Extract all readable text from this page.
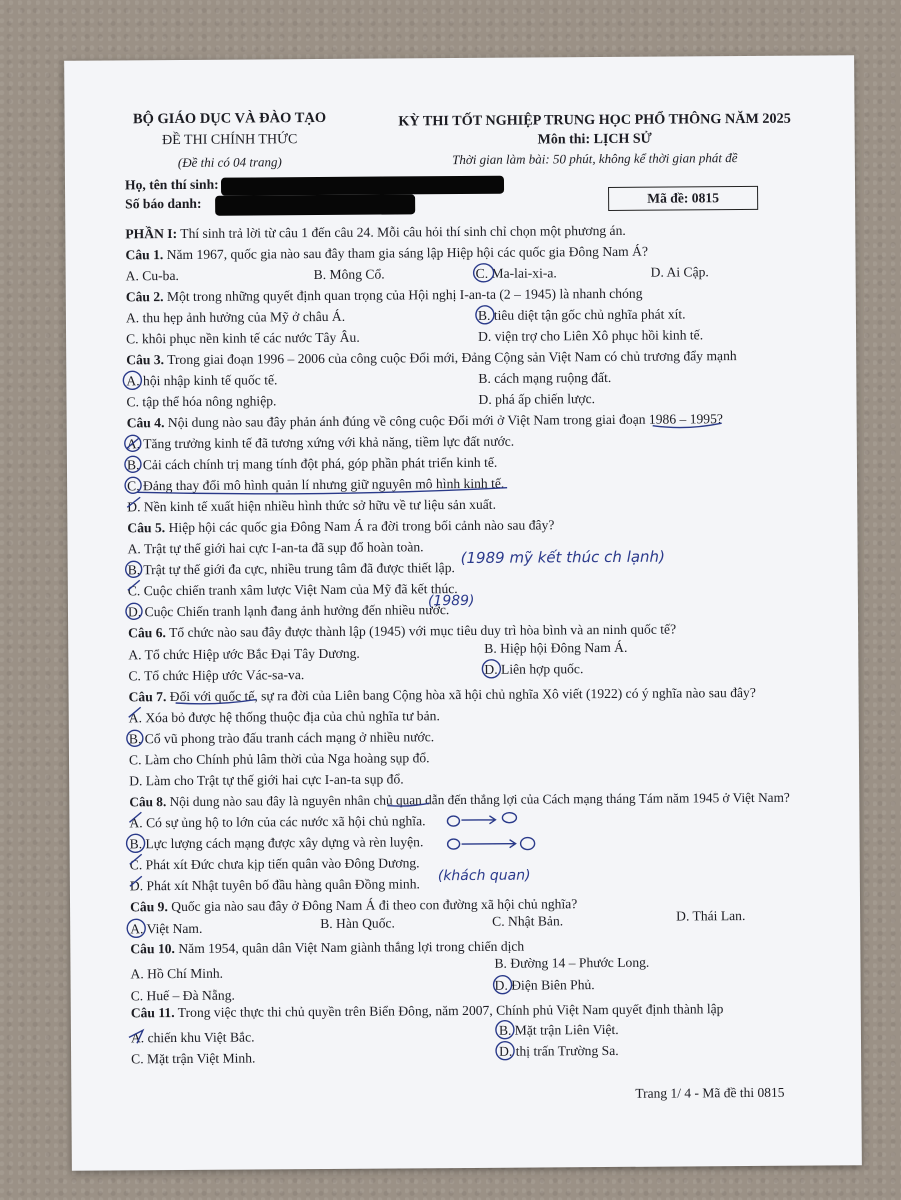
BỘ GIÁO DỤC VÀ ĐÀO TẠO
ĐỀ THI CHÍNH THỨC
(Đề thi có 04 trang)
KỲ THI TỐT NGHIỆP TRUNG HỌC PHỔ THÔNG NĂM 2025
Môn thi: LỊCH SỬ
Thời gian làm bài: 50 phút, không kể thời gian phát đề
Họ, tên thí sinh:
Số báo danh:	Mã đề: 0815
PHẦN I: Thí sinh trả lời từ câu 1 đến câu 24. Mỗi câu hỏi thí sinh chỉ chọn một phương án.
Câu 1. Năm 1967, quốc gia nào sau đây tham gia sáng lập Hiệp hội các quốc gia Đông Nam Á?
A. Cu-ba.	B. Mông Cổ.	C. Ma-lai-xi-a.	D. Ai Cập.
Câu 2. Một trong những quyết định quan trọng của Hội nghị I-an-ta (2 – 1945) là nhanh chóng
A. thu hẹp ảnh hưởng của Mỹ ở châu Á.	B. tiêu diệt tận gốc chủ nghĩa phát xít.
C. khôi phục nền kinh tế các nước Tây Âu.	D. viện trợ cho Liên Xô phục hồi kinh tế.
Câu 3. Trong giai đoạn 1996 – 2006 của công cuộc Đổi mới, Đảng Cộng sản Việt Nam có chủ trương đẩy mạnh
A. hội nhập kinh tế quốc tế.	B. cách mạng ruộng đất.
C. tập thể hóa nông nghiệp.	D. phá ấp chiến lược.
Câu 4. Nội dung nào sau đây phản ánh đúng về công cuộc Đổi mới ở Việt Nam trong giai đoạn 1986 – 1995?
A. Tăng trưởng kinh tế đã tương xứng với khả năng, tiềm lực đất nước.
B. Cải cách chính trị mang tính đột phá, góp phần phát triển kinh tế.
C. Đảng thay đổi mô hình quản lí nhưng giữ nguyên mô hình kinh tế.
D. Nền kinh tế xuất hiện nhiều hình thức sở hữu về tư liệu sản xuất.
Câu 5. Hiệp hội các quốc gia Đông Nam Á ra đời trong bối cảnh nào sau đây?
A. Trật tự thế giới hai cực I-an-ta đã sụp đổ hoàn toàn.
B. Trật tự thế giới đa cực, nhiều trung tâm đã được thiết lập.
C. Cuộc chiến tranh xâm lược Việt Nam của Mỹ đã kết thúc.
D. Cuộc Chiến tranh lạnh đang ảnh hưởng đến nhiều nước.
Câu 6. Tổ chức nào sau đây được thành lập (1945) với mục tiêu duy trì hòa bình và an ninh quốc tế?
A. Tổ chức Hiệp ước Bắc Đại Tây Dương.	B. Hiệp hội Đông Nam Á.
C. Tổ chức Hiệp ước Vác-sa-va.	D. Liên hợp quốc.
Câu 7. Đối với quốc tế, sự ra đời của Liên bang Cộng hòa xã hội chủ nghĩa Xô viết (1922) có ý nghĩa nào sau đây?
A. Xóa bỏ được hệ thống thuộc địa của chủ nghĩa tư bản.
B. Cổ vũ phong trào đấu tranh cách mạng ở nhiều nước.
C. Làm cho Chính phủ lâm thời của Nga hoàng sụp đổ.
D. Làm cho Trật tự thế giới hai cực I-an-ta sụp đổ.
Câu 8. Nội dung nào sau đây là nguyên nhân chủ quan dẫn đến thắng lợi của Cách mạng tháng Tám năm 1945 ở Việt Nam?
A. Có sự ủng hộ to lớn của các nước xã hội chủ nghĩa.
B. Lực lượng cách mạng được xây dựng và rèn luyện.
C. Phát xít Đức chưa kịp tiến quân vào Đông Dương.
D. Phát xít Nhật tuyên bố đầu hàng quân Đồng minh.
Câu 9. Quốc gia nào sau đây ở Đông Nam Á đi theo con đường xã hội chủ nghĩa?
A. Việt Nam.	B. Hàn Quốc.	C. Nhật Bản.	D. Thái Lan.
Câu 10. Năm 1954, quân dân Việt Nam giành thắng lợi trong chiến dịch
A. Hồ Chí Minh.
B. Đường 14 – Phước Long.
C. Huế – Đà Nẵng.
D. Điện Biên Phủ.
Câu 11. Trong việc thực thi chủ quyền trên Biển Đông, năm 2007, Chính phủ Việt Nam quyết định thành lập
A. chiến khu Việt Bắc.	B. Mặt trận Liên Việt.
C. Mặt trận Việt Minh.	D. thị trấn Trường Sa.
Trang 1/ 4 - Mã đề thi 0815
(1989 mỹ kết thúc ch lạnh)
(1989)
(khách quan)
